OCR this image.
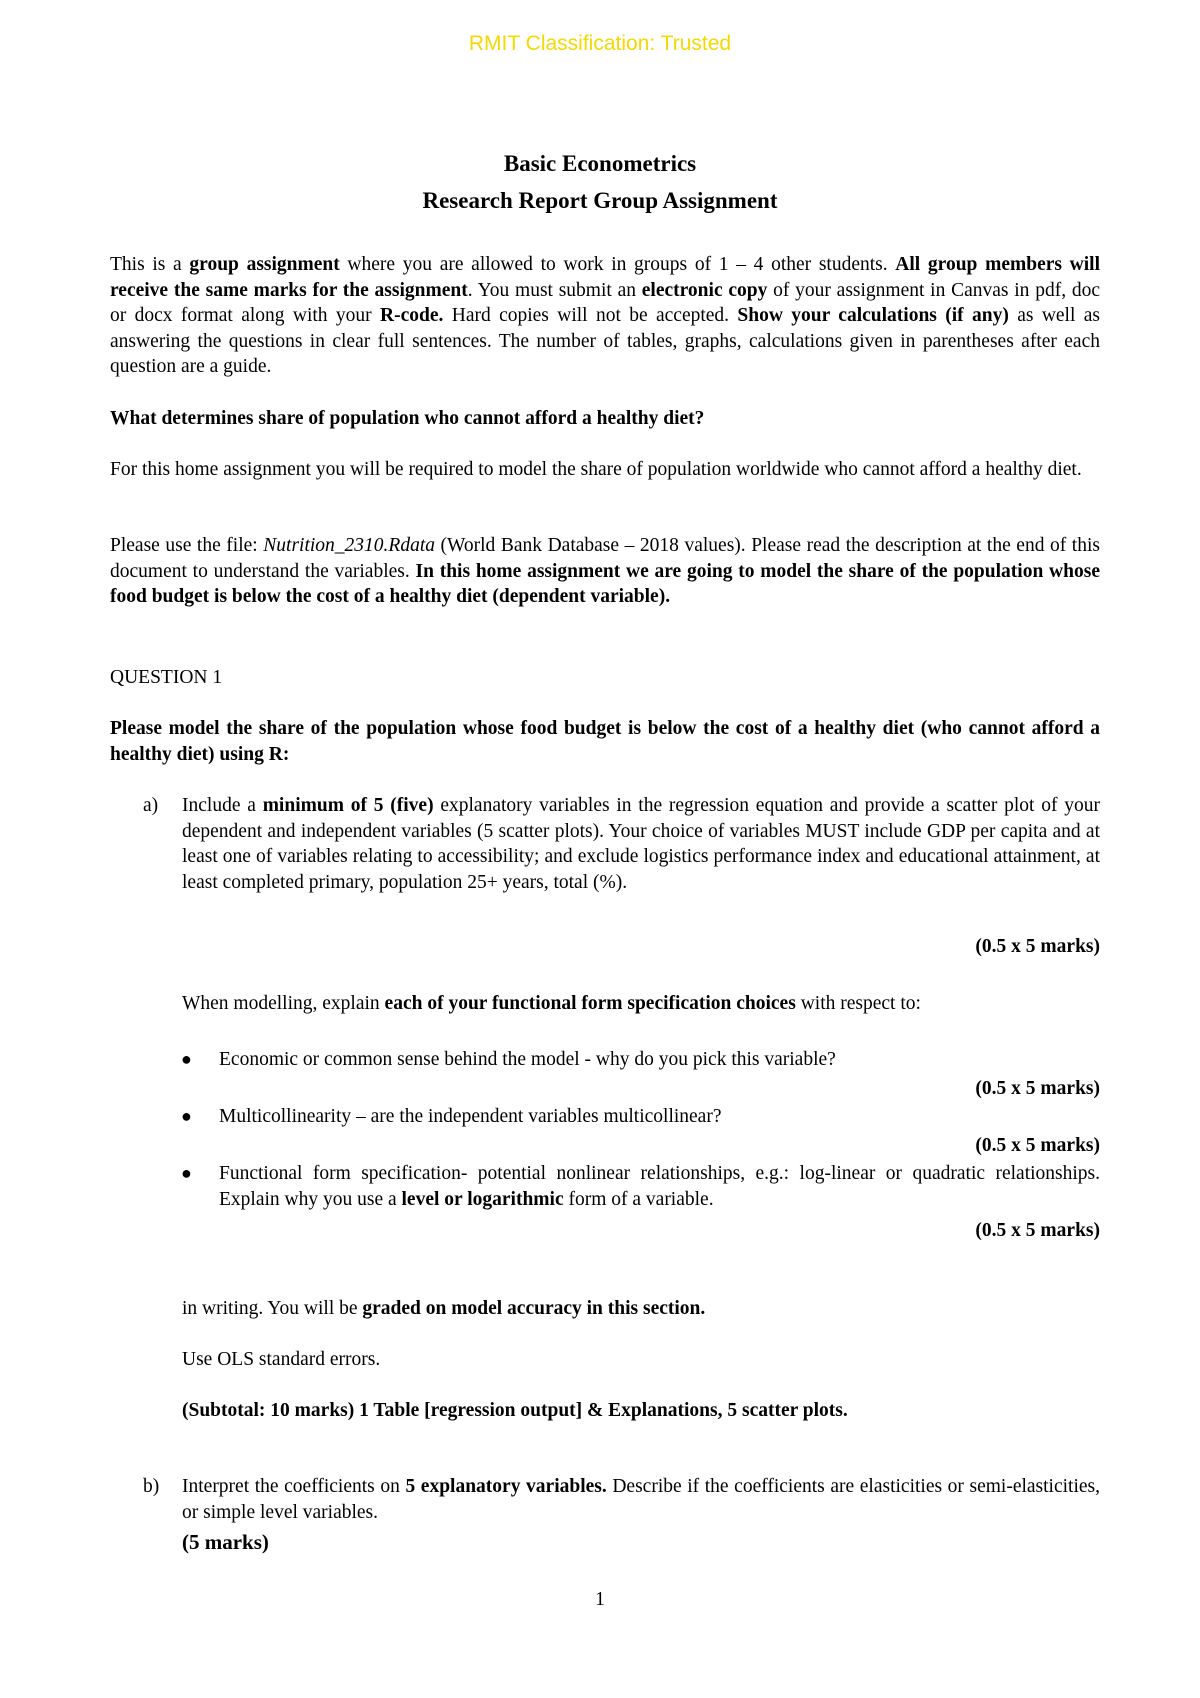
RMIT Classification: Trusted
Basic Econometrics
Research Report Group Assignment
This is a group assignment where you are allowed to work in groups of 1 – 4 other students. All group members will receive the same marks for the assignment. You must submit an electronic copy of your assignment in Canvas in pdf, doc or docx format along with your R-code. Hard copies will not be accepted. Show your calculations (if any) as well as answering the questions in clear full sentences. The number of tables, graphs, calculations given in parentheses after each question are a guide.
What determines share of population who cannot afford a healthy diet?
For this home assignment you will be required to model the share of population worldwide who cannot afford a healthy diet.
Please use the file: Nutrition_2310.Rdata (World Bank Database – 2018 values). Please read the description at the end of this document to understand the variables. In this home assignment we are going to model the share of the population whose food budget is below the cost of a healthy diet (dependent variable).
QUESTION 1
Please model the share of the population whose food budget is below the cost of a healthy diet (who cannot afford a healthy diet) using R:
a) Include a minimum of 5 (five) explanatory variables in the regression equation and provide a scatter plot of your dependent and independent variables (5 scatter plots). Your choice of variables MUST include GDP per capita and at least one of variables relating to accessibility; and exclude logistics performance index and educational attainment, at least completed primary, population 25+ years, total (%).
(0.5 x 5 marks)
When modelling, explain each of your functional form specification choices with respect to:
● Economic or common sense behind the model - why do you pick this variable?
(0.5 x 5 marks)
● Multicollinearity – are the independent variables multicollinear?
(0.5 x 5 marks)
● Functional form specification- potential nonlinear relationships, e.g.: log-linear or quadratic relationships. Explain why you use a level or logarithmic form of a variable.
(0.5 x 5 marks)
in writing. You will be graded on model accuracy in this section.
Use OLS standard errors.
(Subtotal: 10 marks) 1 Table [regression output] & Explanations, 5 scatter plots.
b) Interpret the coefficients on 5 explanatory variables. Describe if the coefficients are elasticities or semi-elasticities, or simple level variables.
(5 marks)
1
